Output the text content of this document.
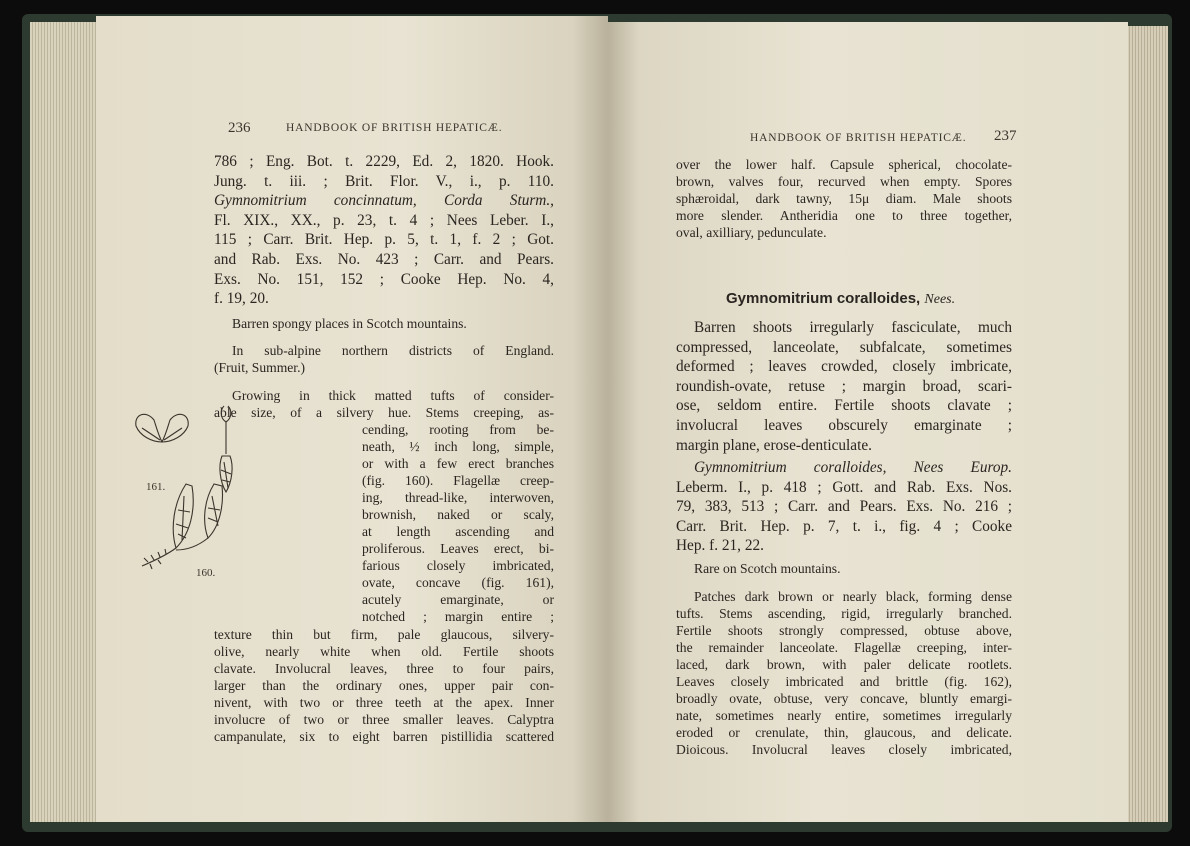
236	HANDBOOK OF BRITISH HEPATICÆ.
786 ; Eng. Bot. t. 2229, Ed. 2, 1820. Hook.
Jung. t. iii. ; Brit. Flor. V., i., p. 110.
Gymnomitrium concinnatum, Corda Sturm.,
Fl. XIX., XX., p. 23, t. 4 ; Nees Leber. I.,
115 ; Carr. Brit. Hep. p. 5, t. 1, f. 2 ; Got.
and Rab. Exs. No. 423 ; Carr. and Pears.
Exs. No. 151, 152 ; Cooke Hep. No. 4,
f. 19, 20.
Barren spongy places in Scotch mountains.
In sub-alpine northern districts of England.
(Fruit, Summer.)
Growing in thick matted tufts of consider-
able size, of a silvery hue. Stems creeping, as-
cending, rooting from be-
neath, ½ inch long, simple,
or with a few erect branches
(fig. 160). Flagellæ creep-
ing, thread-like, interwoven,
brownish, naked or scaly,
at length ascending and
proliferous. Leaves erect, bi-
farious closely imbricated,
ovate, concave (fig. 161),
acutely emarginate, or
notched ; margin entire ;
texture thin but firm, pale glaucous, silvery-
olive, nearly white when old. Fertile shoots
clavate. Involucral leaves, three to four pairs,
larger than the ordinary ones, upper pair con-
nivent, with two or three teeth at the apex. Inner
involucre of two or three smaller leaves. Calyptra
campanulate, six to eight barren pistillidia scattered
161.
160.
HANDBOOK OF BRITISH HEPATICÆ. 237
over the lower half. Capsule spherical, chocolate-
brown, valves four, recurved when empty. Spores
sphæroidal, dark tawny, 15μ diam. Male shoots
more slender. Antheridia one to three together,
oval, axilliary, pedunculate.
Gymnomitrium coralloides, Nees.
Barren shoots irregularly fasciculate, much
compressed, lanceolate, subfalcate, sometimes
deformed ; leaves crowded, closely imbricate,
roundish-ovate, retuse ; margin broad, scari-
ose, seldom entire. Fertile shoots clavate ;
involucral leaves obscurely emarginate ;
margin plane, erose-denticulate.
Gymnomitrium coralloides, Nees Europ.
Leberm. I., p. 418 ; Gott. and Rab. Exs. Nos.
79, 383, 513 ; Carr. and Pears. Exs. No. 216 ;
Carr. Brit. Hep. p. 7, t. i., fig. 4 ; Cooke
Hep. f. 21, 22.
Rare on Scotch mountains.
Patches dark brown or nearly black, forming dense
tufts. Stems ascending, rigid, irregularly branched.
Fertile shoots strongly compressed, obtuse above,
the remainder lanceolate. Flagellæ creeping, inter-
laced, dark brown, with paler delicate rootlets.
Leaves closely imbricated and brittle (fig. 162),
broadly ovate, obtuse, very concave, bluntly emargi-
nate, sometimes nearly entire, sometimes irregularly
eroded or crenulate, thin, glaucous, and delicate.
Dioicous. Involucral leaves closely imbricated,
